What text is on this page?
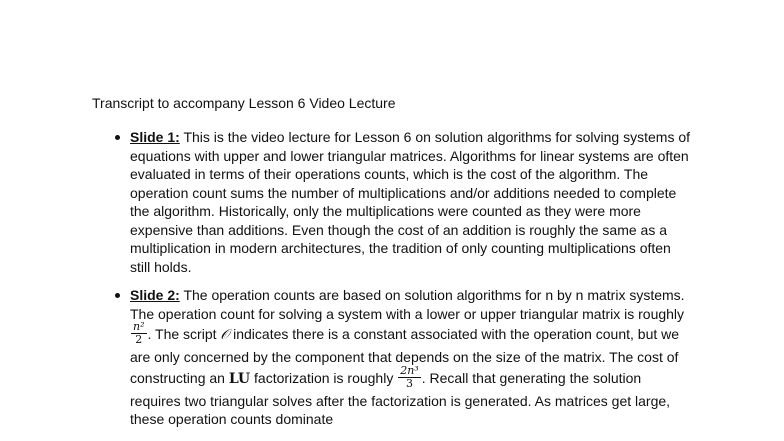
Transcript to accompany Lesson 6 Video Lecture
Slide 1: This is the video lecture for Lesson 6 on solution algorithms for solving systems of equations with upper and lower triangular matrices. Algorithms for linear systems are often evaluated in terms of their operations counts, which is the cost of the algorithm. The operation count sums the number of multiplications and/or additions needed to complete the algorithm. Historically, only the multiplications were counted as they were more expensive than additions. Even though the cost of an addition is roughly the same as a multiplication in modern architectures, the tradition of only counting multiplications often still holds.
Slide 2: The operation counts are based on solution algorithms for n by n matrix systems. The operation count for solving a system with a lower or upper triangular matrix is roughly
$\frac{\text{n²}}{2}$ . The script 𝒪 indicates there is a constant associated with the operation count, but we are only concerned by the component that depends on the size of the matrix. The cost of constructing an LU factorization is roughly $\frac{\text{2n³}}{3}$ . Recall that generating the solution requires two triangular solves after the factorization is generated. As matrices get large, these operation counts dominate
